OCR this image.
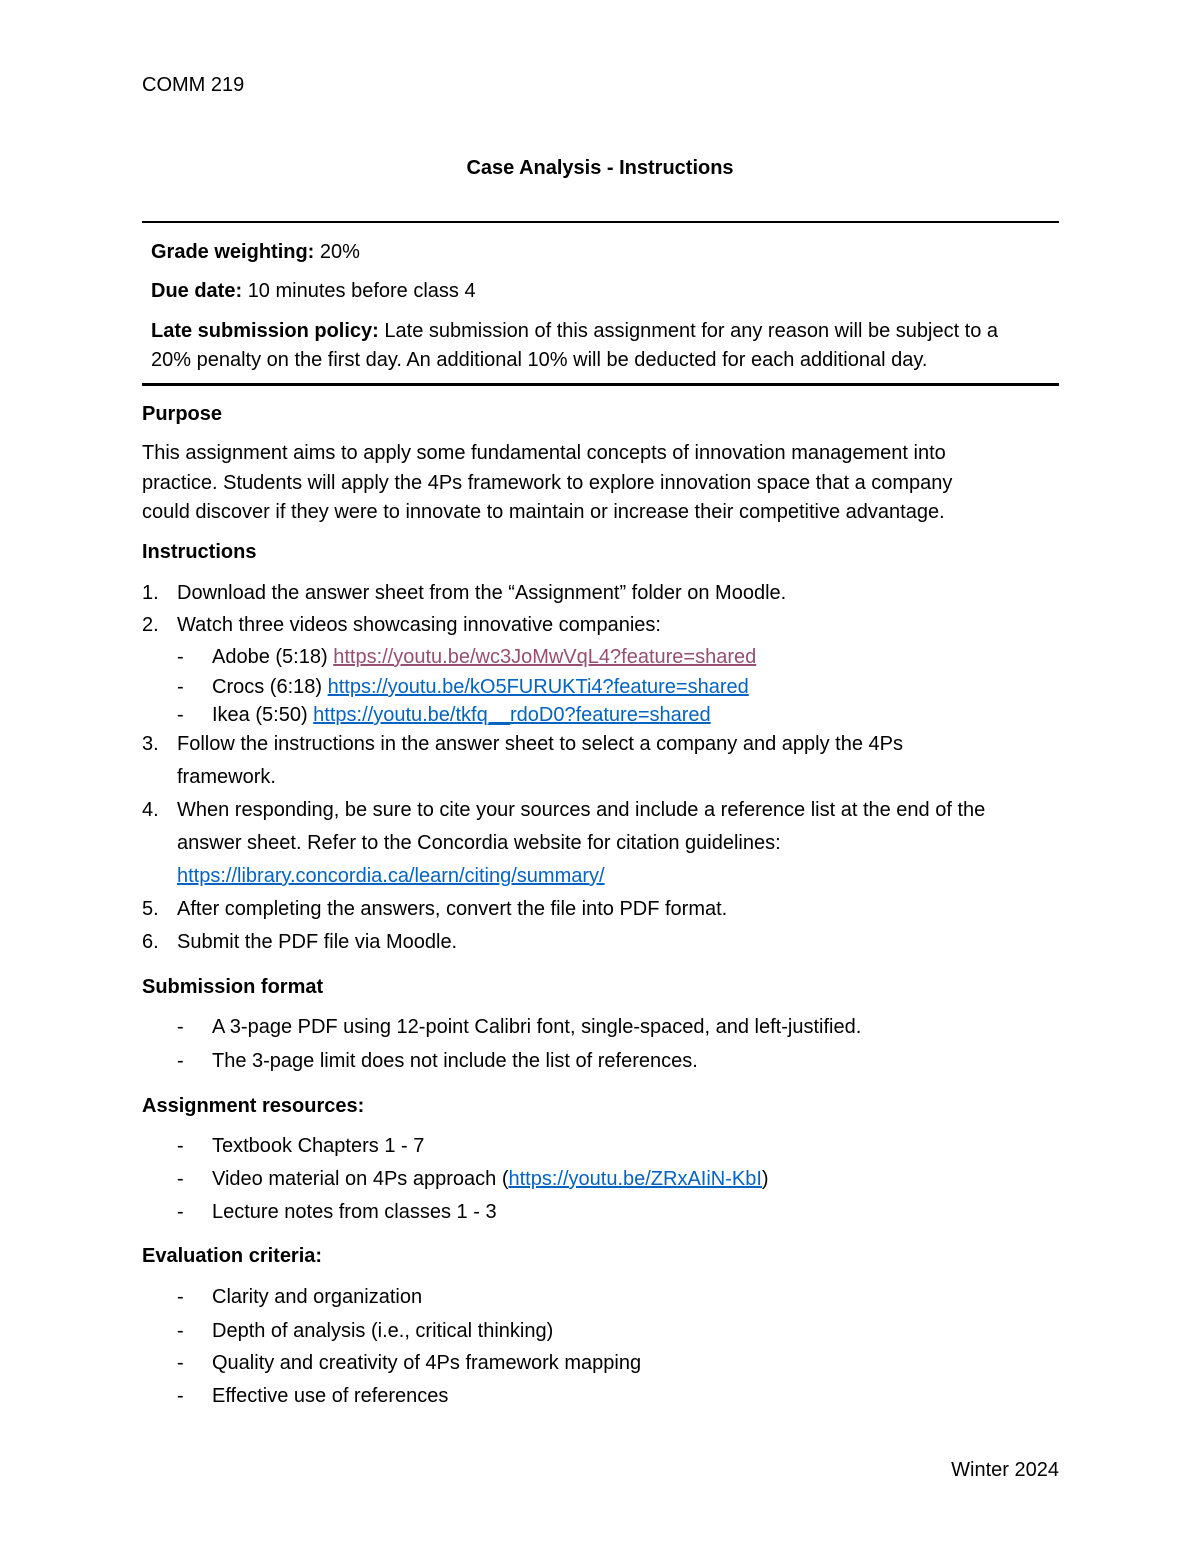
COMM 219
Case Analysis - Instructions
Grade weighting: 20%
Due date: 10 minutes before class 4
Late submission policy: Late submission of this assignment for any reason will be subject to a
20% penalty on the first day. An additional 10% will be deducted for each additional day.
Purpose
This assignment aims to apply some fundamental concepts of innovation management into
practice. Students will apply the 4Ps framework to explore innovation space that a company
could discover if they were to innovate to maintain or increase their competitive advantage.
Instructions
1. Download the answer sheet from the “Assignment” folder on Moodle.
2. Watch three videos showcasing innovative companies:
- Adobe (5:18) https://youtu.be/wc3JoMwVqL4?feature=shared
- Crocs (6:18) https://youtu.be/kO5FURUKTi4?feature=shared
- Ikea (5:50) https://youtu.be/tkfq__rdoD0?feature=shared
3. Follow the instructions in the answer sheet to select a company and apply the 4Ps
framework.
4. When responding, be sure to cite your sources and include a reference list at the end of the
answer sheet. Refer to the Concordia website for citation guidelines:
https://library.concordia.ca/learn/citing/summary/
5. After completing the answers, convert the file into PDF format.
6. Submit the PDF file via Moodle.
Submission format
- A 3-page PDF using 12-point Calibri font, single-spaced, and left-justified.
- The 3-page limit does not include the list of references.
Assignment resources:
- Textbook Chapters 1 - 7
- Video material on 4Ps approach (https://youtu.be/ZRxAIiN-KbI)
- Lecture notes from classes 1 - 3
Evaluation criteria:
- Clarity and organization
- Depth of analysis (i.e., critical thinking)
- Quality and creativity of 4Ps framework mapping
- Effective use of references
Winter 2024
